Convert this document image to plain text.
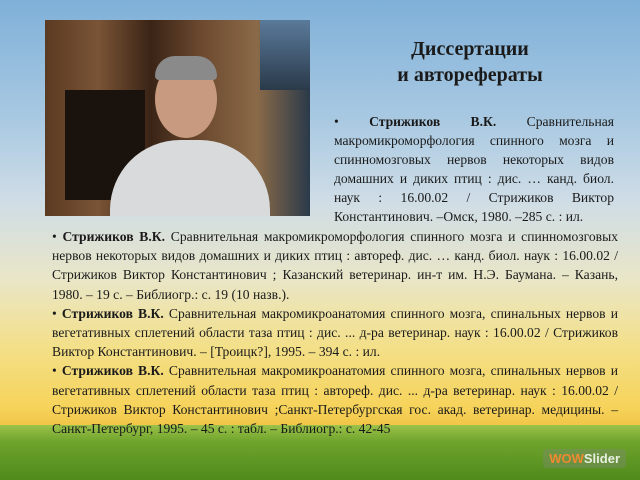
Диссертации
и авторефераты

• Стрижиков В.К. Сравнительная макромикроморфология спинного мозга и спинномозговых нервов некоторых видов домашних и диких птиц : дис. … канд. биол. наук : 16.00.02 / Стрижиков Виктор Константинович. –Омск, 1980. –285 с. : ил.

• Стрижиков В.К. Сравнительная макромикроморфология спинного мозга и спинномозговых нервов некоторых видов домашних и диких птиц : автореф. дис. … канд. биол. наук : 16.00.02 / Стрижиков Виктор Константинович ; Казанский ветеринар. ин-т им. Н.Э. Баумана. – Казань, 1980. – 19 с. – Библиогр.: с. 19 (10 назв.).

• Стрижиков В.К. Сравнительная макромикроанатомия спинного мозга, спинальных нервов и вегетативных сплетений области таза птиц : дис. ... д-ра ветеринар. наук : 16.00.02 / Стрижиков Виктор Константинович. – [Троицк?], 1995. – 394 с. : ил.

• Стрижиков В.К. Сравнительная макромикроанатомия спинного мозга, спинальных нервов и вегетативных сплетений области таза птиц : автореф. дис. ... д-ра ветеринар. наук : 16.00.02 / Стрижиков Виктор Константинович ;Санкт-Петербургская гос. акад. ветеринар. медицины. – Санкт-Петербург, 1995. – 45 с. : табл. – Библиогр.: с. 42-45

WOWSlider
